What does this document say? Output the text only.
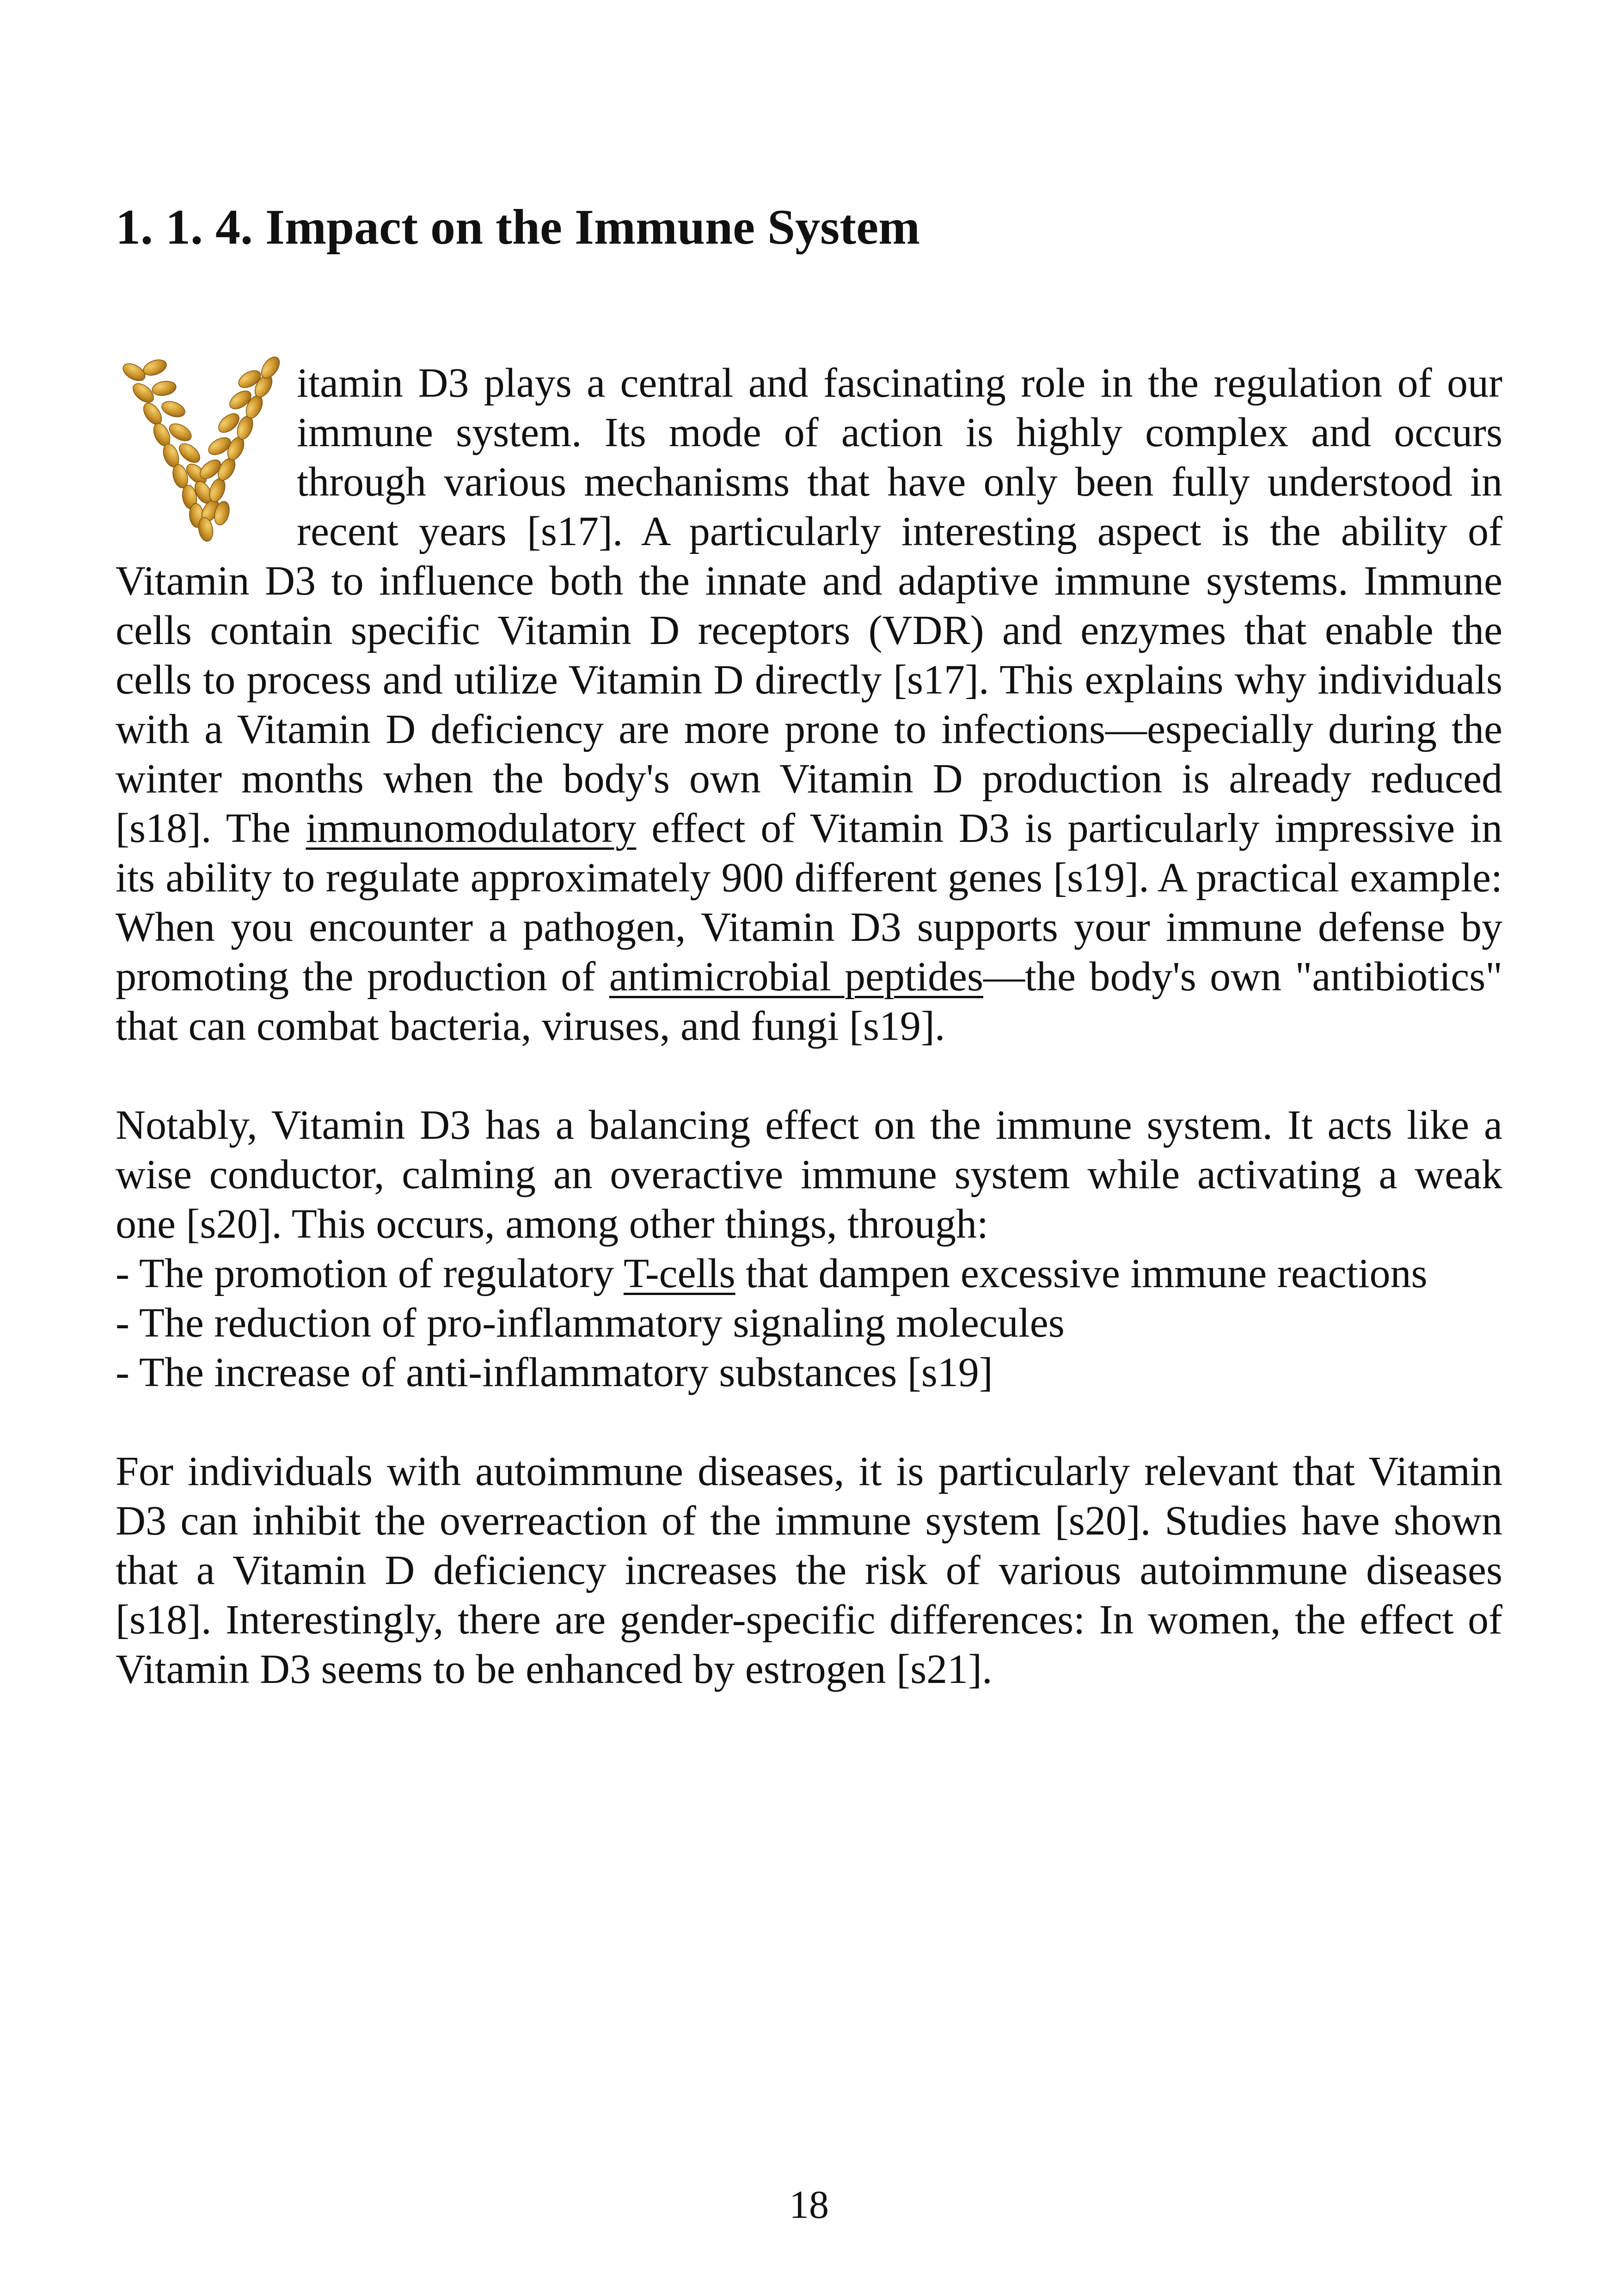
1. 1. 4. Impact on the Immune System

itamin D3 plays a central and fascinating role in the regulation of our immune system. Its mode of action is highly complex and occurs through various mechanisms that have only been fully understood in recent years [s17]. A particularly interesting aspect is the ability of Vitamin D3 to influence both the innate and adaptive immune systems. Immune cells contain specific Vitamin D receptors (VDR) and enzymes that enable the cells to process and utilize Vitamin D directly [s17]. This explains why individuals with a Vitamin D deficiency are more prone to infections—especially during the winter months when the body's own Vitamin D production is already reduced [s18]. The immunomodulatory effect of Vitamin D3 is particularly impressive in its ability to regulate approximately 900 different genes [s19]. A practical example: When you encounter a pathogen, Vitamin D3 supports your immune defense by promoting the production of antimicrobial peptides—the body's own "antibiotics" that can combat bacteria, viruses, and fungi [s19].

Notably, Vitamin D3 has a balancing effect on the immune system. It acts like a wise conductor, calming an overactive immune system while activating a weak one [s20]. This occurs, among other things, through:

- The promotion of regulatory T-cells that dampen excessive immune reactions

- The reduction of pro-inflammatory signaling molecules

- The increase of anti-inflammatory substances [s19]

For individuals with autoimmune diseases, it is particularly relevant that Vitamin D3 can inhibit the overreaction of the immune system [s20]. Studies have shown that a Vitamin D deficiency increases the risk of various autoimmune diseases [s18]. Interestingly, there are gender-specific differences: In women, the effect of Vitamin D3 seems to be enhanced by estrogen [s21].

18
